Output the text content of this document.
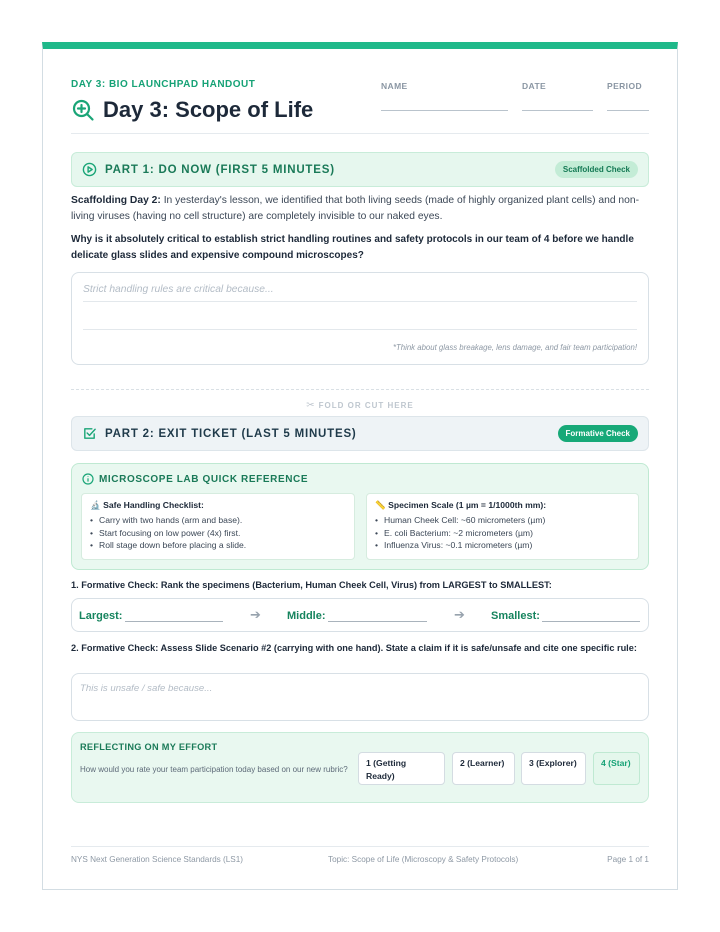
DAY 3: BIO LAUNCHPAD HANDOUT
Day 3: Scope of Life
NAME	DATE	PERIOD
PART 1: DO NOW (FIRST 5 MINUTES)	Scaffolded Check
Scaffolding Day 2: In yesterday's lesson, we identified that both living seeds (made of highly organized plant cells) and non-living viruses (having no cell structure) are completely invisible to our naked eyes.
Why is it absolutely critical to establish strict handling routines and safety protocols in our team of 4 before we handle delicate glass slides and expensive compound microscopes?
Strict handling rules are critical because...
*Think about glass breakage, lens damage, and fair team participation!
✂ FOLD OR CUT HERE
PART 2: EXIT TICKET (LAST 5 MINUTES)	Formative Check
MICROSCOPE LAB QUICK REFERENCE
🔬 Safe Handling Checklist:
• Carry with two hands (arm and base).
• Start focusing on low power (4x) first.
• Roll stage down before placing a slide.
📏 Specimen Scale (1 µm = 1/1000th mm):
• Human Cheek Cell: ~60 micrometers (µm)
• E. coli Bacterium: ~2 micrometers (µm)
• Influenza Virus: ~0.1 micrometers (µm)
1. Formative Check: Rank the specimens (Bacterium, Human Cheek Cell, Virus) from LARGEST to SMALLEST:
Largest:	➔ Middle:	➔ Smallest:
2. Formative Check: Assess Slide Scenario #2 (carrying with one hand). State a claim if it is safe/unsafe and cite one specific rule:
This is unsafe / safe because...
REFLECTING ON MY EFFORT
How would you rate your team participation today based on our new rubric?
1 (Getting Ready)
2 (Learner)	3 (Explorer)	4 (Star)
NYS Next Generation Science Standards (LS1)	Topic: Scope of Life (Microscopy & Safety Protocols)	Page 1 of 1
